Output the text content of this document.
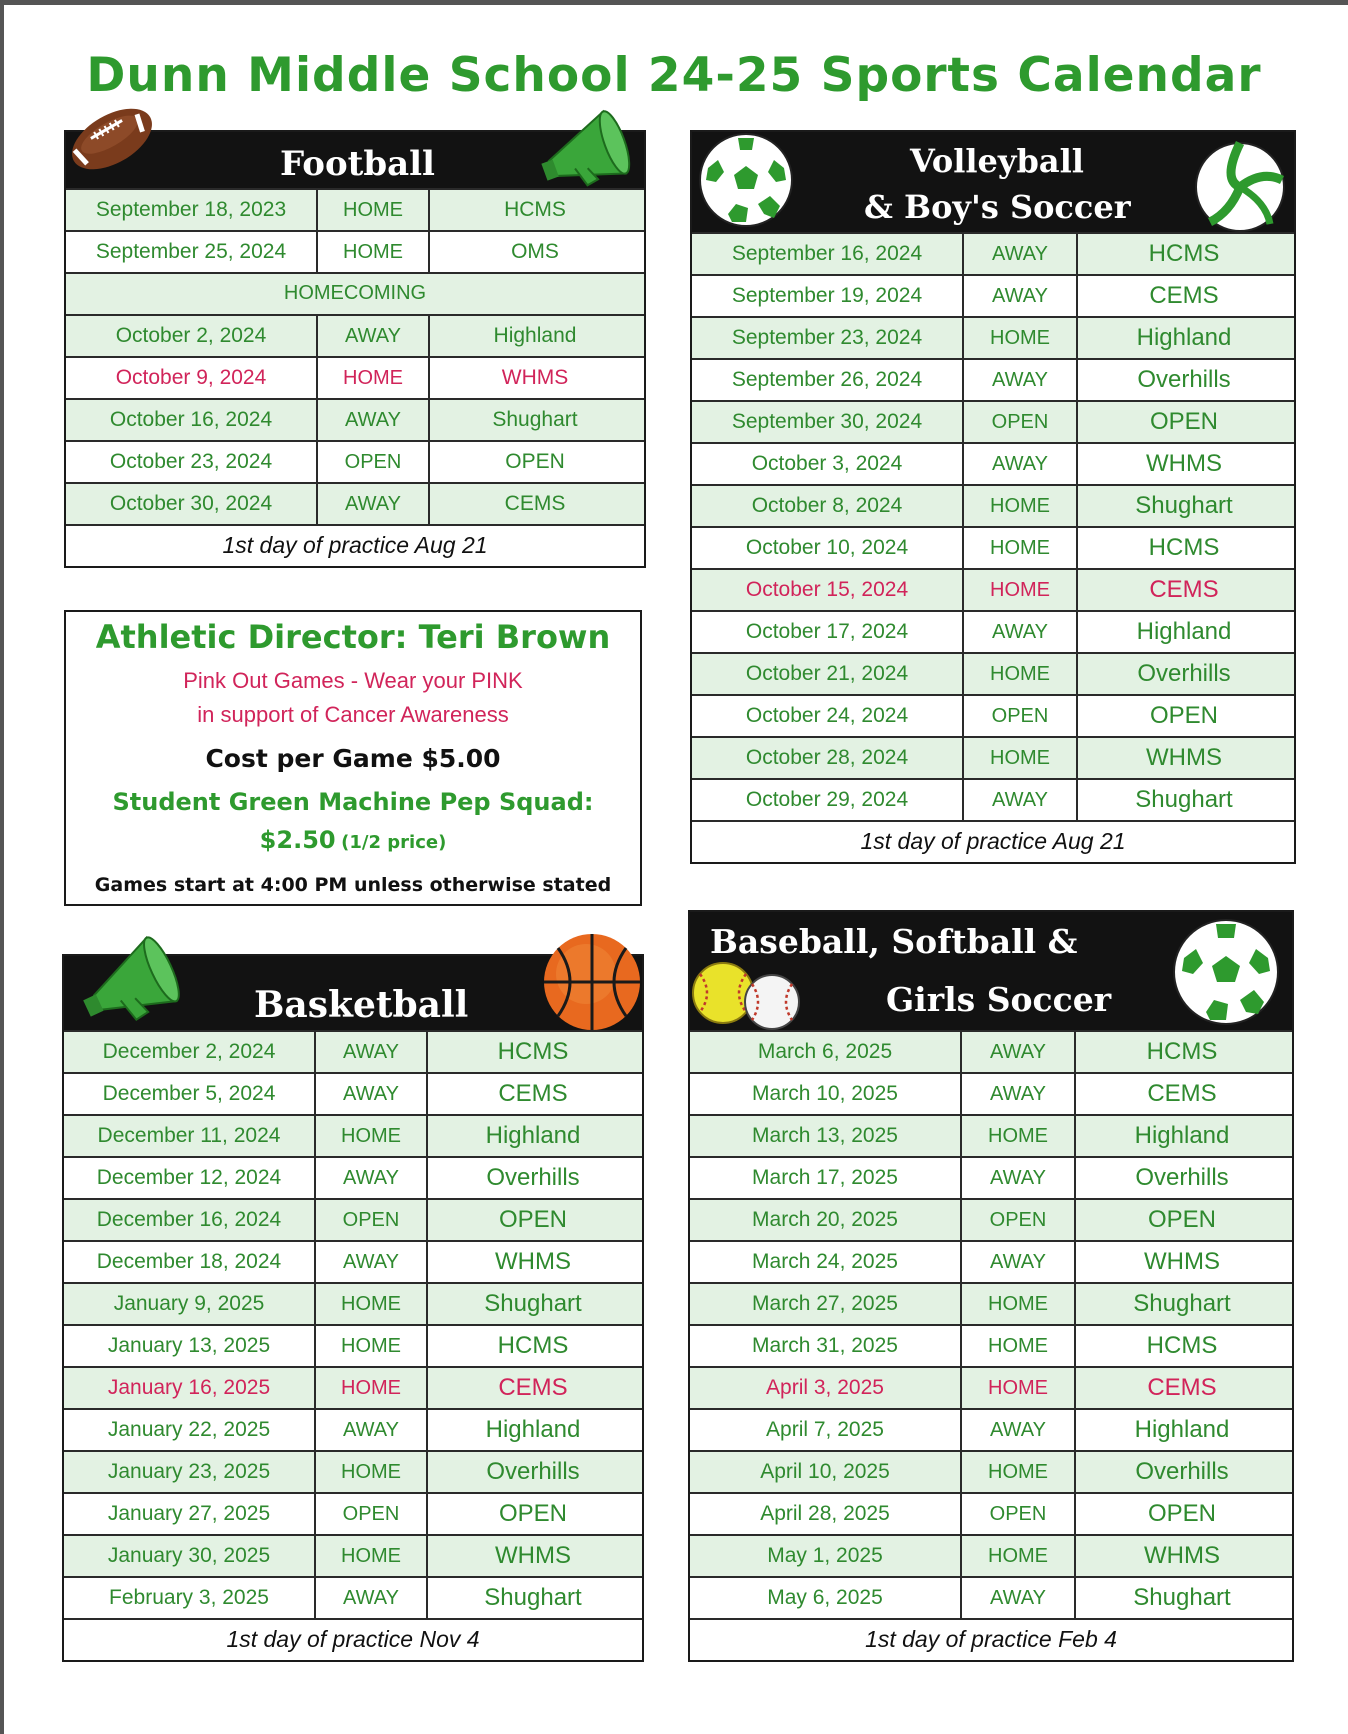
Dunn Middle School 24-25 Sports Calendar
Football
September 18, 2023	HOME	HCMS
September 25, 2024	HOME	OMS
HOMECOMING
October 2, 2024	AWAY	Highland
October 9, 2024	HOME	WHMS
October 16, 2024	AWAY	Shughart
October 23, 2024	OPEN	OPEN
October 30, 2024	AWAY	CEMS
1st day of practice Aug 21
Athletic Director: Teri Brown
Pink Out Games - Wear your PINK
in support of Cancer Awareness
Cost per Game $5.00
Student Green Machine Pep Squad:
$2.50 (1/2 price)
Games start at 4:00 PM unless otherwise stated
Basketball
December 2, 2024	AWAY	HCMS
December 5, 2024	AWAY	CEMS
December 11, 2024	HOME	Highland
December 12, 2024	AWAY	Overhills
December 16, 2024	OPEN	OPEN
December 18, 2024	AWAY	WHMS
January 9, 2025	HOME	Shughart
January 13, 2025	HOME	HCMS
January 16, 2025	HOME	CEMS
January 22, 2025	AWAY	Highland
January 23, 2025	HOME	Overhills
January 27, 2025	OPEN	OPEN
January 30, 2025	HOME	WHMS
February 3, 2025	AWAY	Shughart
1st day of practice Nov 4
Volleyball
& Boy's Soccer
September 16, 2024	AWAY	HCMS
September 19, 2024	AWAY	CEMS
September 23, 2024	HOME	Highland
September 26, 2024	AWAY	Overhills
September 30, 2024	OPEN	OPEN
October 3, 2024	AWAY	WHMS
October 8, 2024	HOME	Shughart
October 10, 2024	HOME	HCMS
October 15, 2024	HOME	CEMS
October 17, 2024	AWAY	Highland
October 21, 2024	HOME	Overhills
October 24, 2024	OPEN	OPEN
October 28, 2024	HOME	WHMS
October 29, 2024	AWAY	Shughart
1st day of practice Aug 21
Baseball, Softball &
Girls Soccer
March 6, 2025	AWAY	HCMS
March 10, 2025	AWAY	CEMS
March 13, 2025	HOME	Highland
March 17, 2025	AWAY	Overhills
March 20, 2025	OPEN	OPEN
March 24, 2025	AWAY	WHMS
March 27, 2025	HOME	Shughart
March 31, 2025	HOME	HCMS
April 3, 2025	HOME	CEMS
April 7, 2025	AWAY	Highland
April 10, 2025	HOME	Overhills
April 28, 2025	OPEN	OPEN
May 1, 2025	HOME	WHMS
May 6, 2025	AWAY	Shughart
1st day of practice Feb 4
